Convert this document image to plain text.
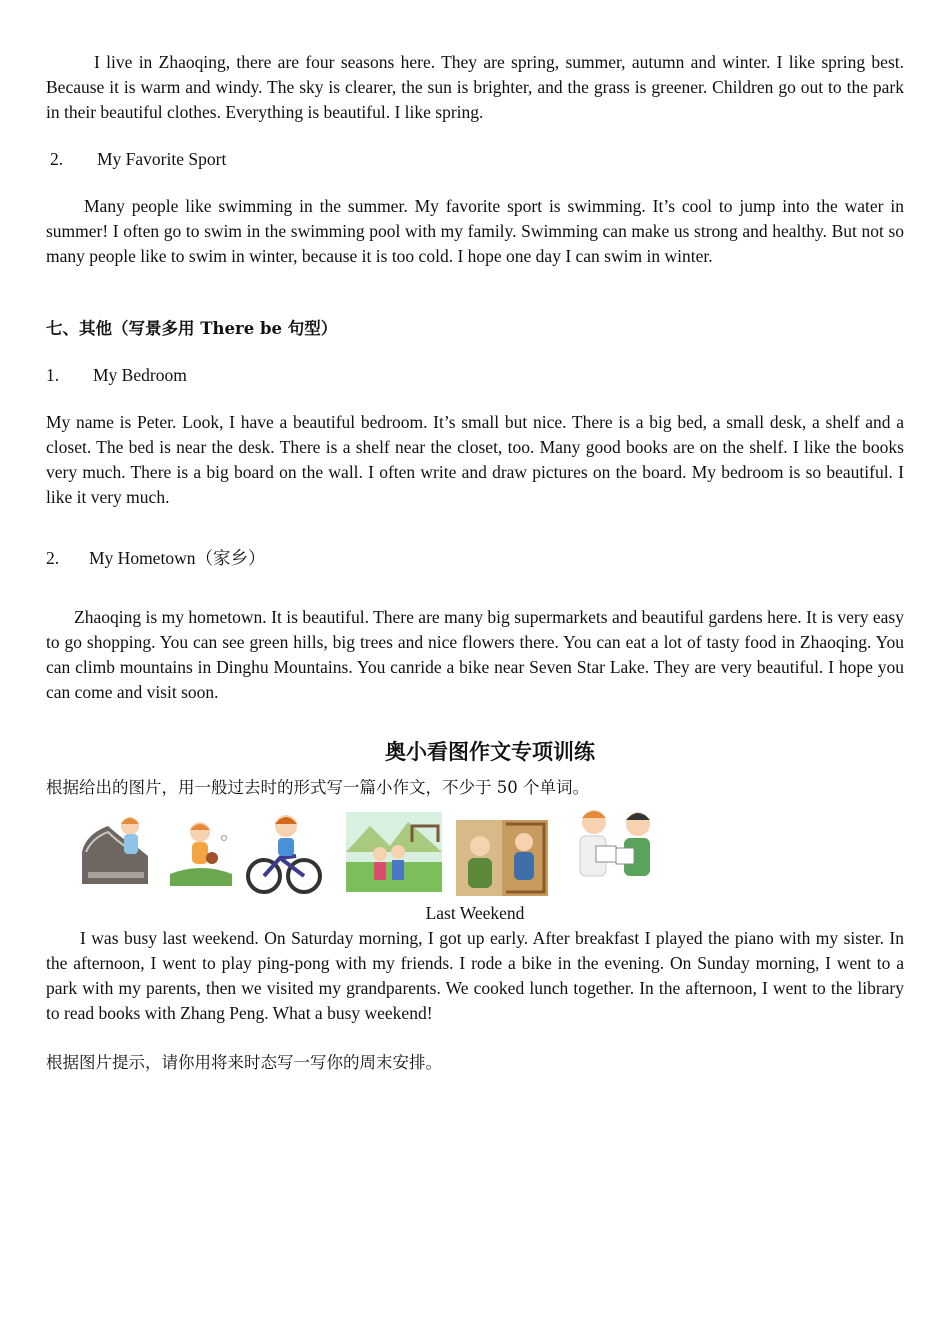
I live in Zhaoqing, there are four seasons here. They are spring, summer, autumn and winter. I like spring best. Because it is warm and windy. The sky is clearer, the sun is brighter, and the grass is greener. Children go out to the park in their beautiful clothes. Everything is beautiful. I like spring.

2. My Favorite Sport

Many people like swimming in the summer. My favorite sport is swimming. It’s cool to jump into the water in summer! I often go to swim in the swimming pool with my family. Swimming can make us strong and healthy. But not so many people like to swim in winter, because it is too cold. I hope one day I can swim in winter.

七、其他（写景多用 There be 句型）
1. My Bedroom

My name is Peter. Look, I have a beautiful bedroom. It’s small but nice. There is a big bed, a small desk, a shelf and a closet. The bed is near the desk. There is a shelf near the closet, too. Many good books are on the shelf. I like the books very much. There is a big board on the wall. I often write and draw pictures on the board. My bedroom is so beautiful. I like it very much.

2. My Hometown（家乡）

Zhaoqing is my hometown. It is beautiful. There are many big supermarkets and beautiful gardens here. It is very easy to go shopping. You can see green hills, big trees and nice flowers there. You can eat a lot of tasty food in Zhaoqing. You can climb mountains in Dinghu Mountains. You canride a bike near Seven Star Lake. They are very beautiful. I hope you can come and visit soon.

奥小看图作文专项训练
根据给出的图片，用一般过去时的形式写一篇小作文，不少于 50 个单词。
Last Weekend

I was busy last weekend. On Saturday morning, I got up early. After breakfast I played the piano with my sister. In the afternoon, I went to play ping-pong with my friends. I rode a bike in the evening. On Sunday morning, I went to a park with my parents, then we visited my grandparents. We cooked lunch together. In the afternoon, I went to the library to read books with Zhang Peng. What a busy weekend!

根据图片提示，请你用将来时态写一写你的周末安排。
